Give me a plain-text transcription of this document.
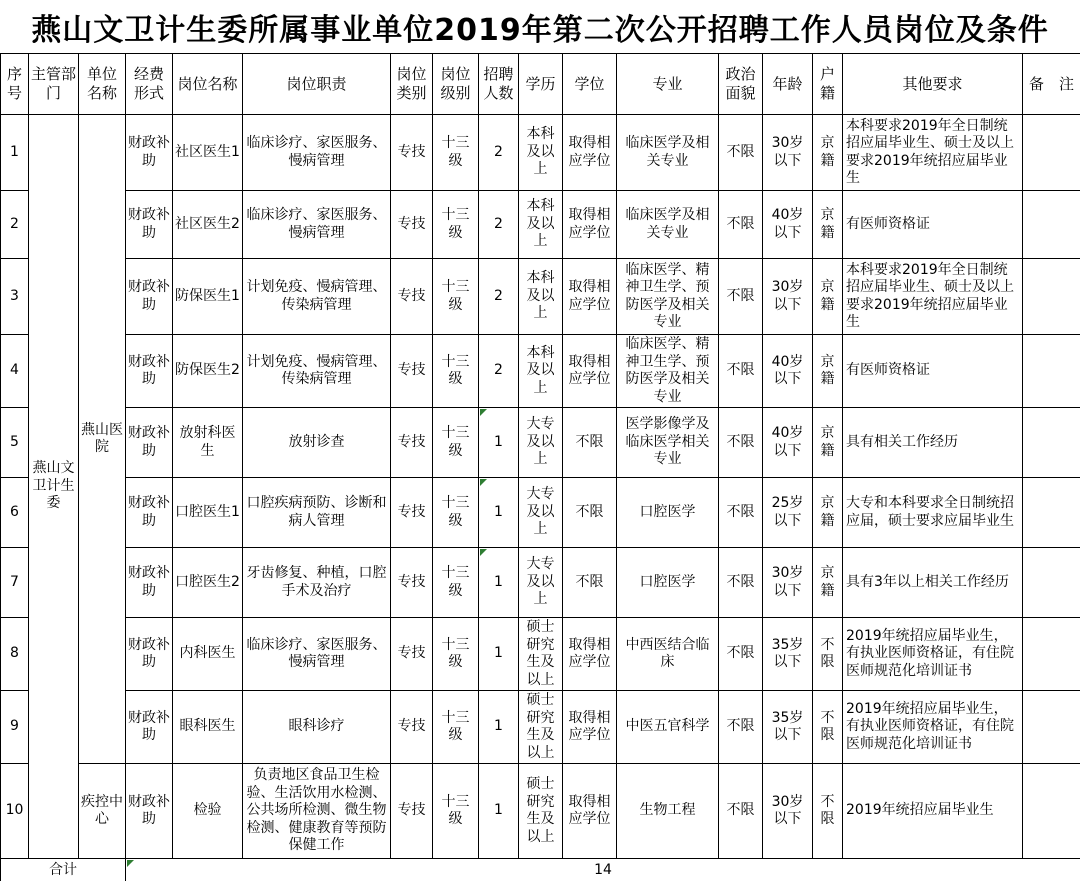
燕山文卫计生委所属事业单位2019年第二次公开招聘工作人员岗位及条件
序号	主管部门	单位名称	经费形式	岗位名称	岗位职责	岗位类别	岗位级别	招聘人数	学历	学位	专业	政治面貌	年龄	户籍	其他要求	备　注
1	燕山文卫计生委	燕山医院	财政补助	社区医生1	临床诊疗、家医服务、慢病管理	专技	十三级	2	本科及以上	取得相应学位	临床医学及相关专业	不限	30岁以下	京籍	本科要求2019年全日制统招应届毕业生、硕士及以上要求2019年统招应届毕业生	
2			财政补助	社区医生2	临床诊疗、家医服务、慢病管理	专技	十三级	2	本科及以上	取得相应学位	临床医学及相关专业	不限	40岁以下	京籍	有医师资格证	
3			财政补助	防保医生1	计划免疫、慢病管理、传染病管理	专技	十三级	2	本科及以上	取得相应学位	临床医学、精神卫生学、预防医学及相关专业	不限	30岁以下	京籍	本科要求2019年全日制统招应届毕业生、硕士及以上要求2019年统招应届毕业生	
4			财政补助	防保医生2	计划免疫、慢病管理、传染病管理	专技	十三级	2	本科及以上	取得相应学位	临床医学、精神卫生学、预防医学及相关专业	不限	40岁以下	京籍	有医师资格证	
5			财政补助	放射科医生	放射诊查	专技	十三级	1	大专及以上	不限	医学影像学及临床医学相关专业	不限	40岁以下	京籍	具有相关工作经历	
6			财政补助	口腔医生1	口腔疾病预防、诊断和病人管理	专技	十三级	1	大专及以上	不限	口腔医学	不限	25岁以下	京籍	大专和本科要求全日制统招应届，硕士要求应届毕业生	
7			财政补助	口腔医生2	牙齿修复、种植，口腔手术及治疗	专技	十三级	1	大专及以上	不限	口腔医学	不限	30岁以下	京籍	具有3年以上相关工作经历	
8			财政补助	内科医生	临床诊疗、家医服务、慢病管理	专技	十三级	1	硕士研究生及以上	取得相应学位	中西医结合临床	不限	35岁以下	不限	2019年统招应届毕业生，有执业医师资格证，有住院医师规范化培训证书	
9			财政补助	眼科医生	眼科诊疗	专技	十三级	1	硕士研究生及以上	取得相应学位	中医五官科学	不限	35岁以下	不限	2019年统招应届毕业生，有执业医师资格证，有住院医师规范化培训证书	
10		疾控中心	财政补助	检验	负责地区食品卫生检验、生活饮用水检测、公共场所检测、微生物检测、健康教育等预防保健工作	专技	十三级	1	硕士研究生及以上	取得相应学位	生物工程	不限	30岁以下	不限	2019年统招应届毕业生	
合计			14													
